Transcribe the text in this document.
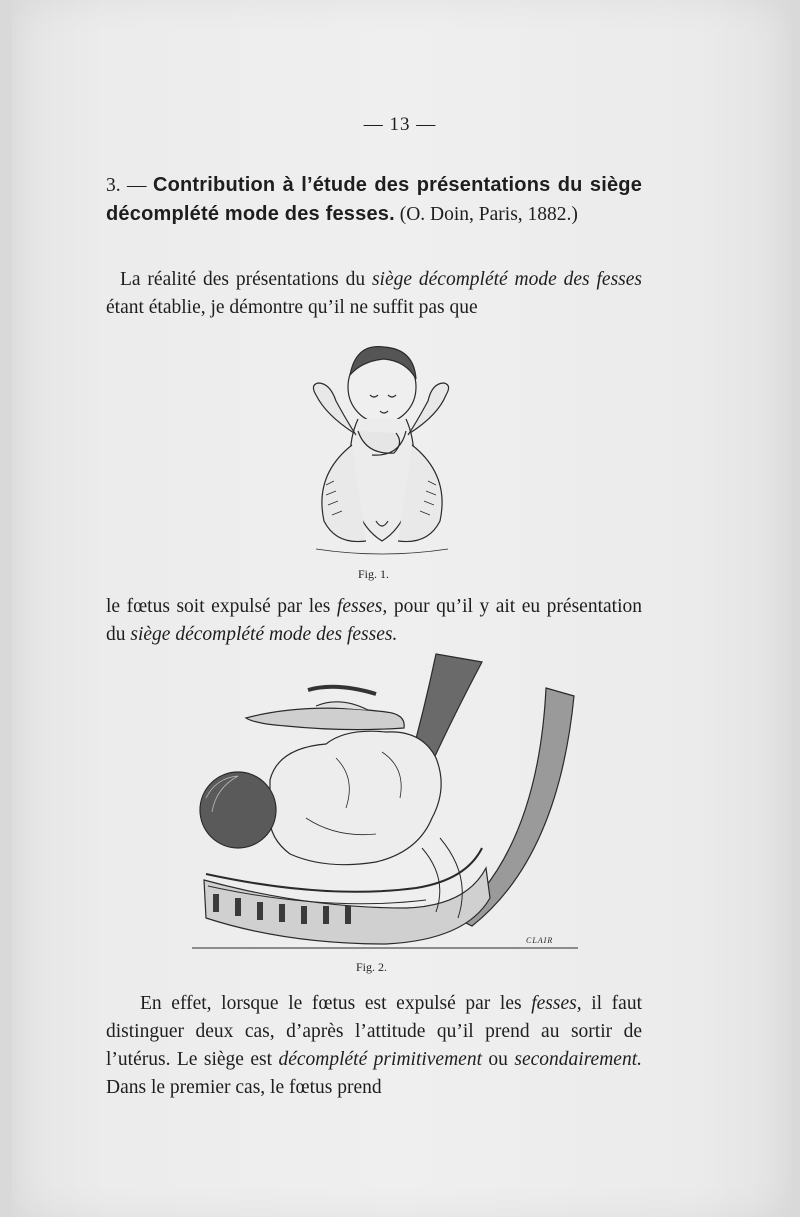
— 13 —
3. — Contribution à l’étude des présentations du siège décomplété mode des fesses. (O. Doin, Paris, 1882.)
La réalité des présentations du siège décomplété mode des fesses étant établie, je démontre qu’il ne suffit pas que
Fig. 1.
le fœtus soit expulsé par les fesses, pour qu’il y ait eu présentation du siège décomplété mode des fesses.
CLAIR
Fig. 2.
En effet, lorsque le fœtus est expulsé par les fesses, il faut distinguer deux cas, d’après l’attitude qu’il prend au sortir de l’utérus. Le siège est décomplété primitivement ou secondairement. Dans le premier cas, le fœtus prend
